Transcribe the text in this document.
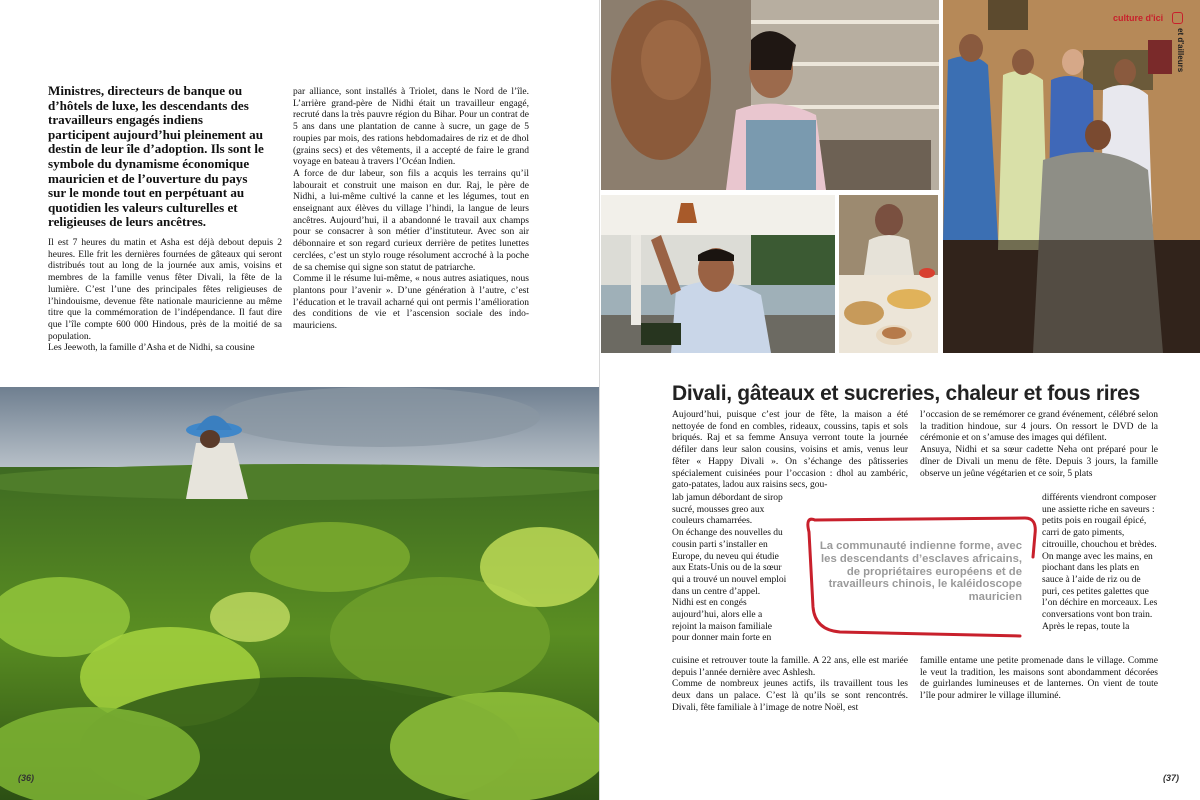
Ministres, directeurs de banque ou d’hôtels de luxe, les descendants des travailleurs engagés indiens participent aujourd’hui pleinement au destin de leur île d’adoption. Ils sont le symbole du dynamisme économique mauricien et de l’ouverture du pays sur le monde tout en perpétuant au quotidien les valeurs culturelles et religieuses de leurs ancêtres.

Il est 7 heures du matin et Asha est déjà debout depuis 2 heures. Elle frit les dernières fournées de gâteaux qui seront distribués tout au long de la journée aux amis, voisins et membres de la famille venus fêter Divali, la fête de la lumière. C’est l’une des principales fêtes religieuses de l’hindouisme, devenue fête nationale mauricienne au même titre que la commémoration de l’indépendance. Il faut dire que l’île compte 600 000 Hindous, près de la moitié de sa population.

Les Jeewoth, la famille d’Asha et de Nidhi, sa cousine

par alliance, sont installés à Triolet, dans le Nord de l’île. L’arrière grand-père de Nidhi était un travailleur engagé, recruté dans la très pauvre région du Bihar. Pour un contrat de 5 ans dans une plantation de canne à sucre, un gage de 5 roupies par mois, des rations hebdomadaires de riz et de dhol (grains secs) et des vêtements, il a accepté de faire le grand voyage en bateau à travers l’Océan Indien.

A force de dur labeur, son fils a acquis les terrains qu’il labourait et construit une maison en dur. Raj, le père de Nidhi, a lui-même cultivé la canne et les légumes, tout en enseignant aux élèves du village l’hindi, la langue de leurs ancêtres. Aujourd’hui, il a abandonné le travail aux champs pour se consacrer à son métier d’instituteur. Avec son air débonnaire et son regard curieux derrière de petites lunettes cerclées, c’est un stylo rouge résolument accroché à la poche de sa chemise qui signe son statut de patriarche.

Comme il le résume lui-même, « nous autres asiatiques, nous plantons pour l’avenir ». D’une génération à l’autre, c’est l’éducation et le travail acharné qui ont permis l’amélioration des conditions de vie et l’ascension sociale des indo-mauriciens.

(36)
culture d'ici
et d'ailleurs
Divali, gâteaux et sucreries, chaleur et fous rires

Aujourd’hui, puisque c’est jour de fête, la maison a été nettoyée de fond en combles, rideaux, coussins, tapis et sols briqués. Raj et sa femme Ansuya verront toute la journée défiler dans leur salon cousins, voisins et amis, venus leur fêter « Happy Divali ». On s’échange des pâtisseries spécialement cuisinées pour l’occasion : dhol au zambéric, gato-patates, ladou aux raisins secs, gou-

lab jamun débordant de sirop sucré, mousses greo aux couleurs chamarrées.

On échange des nouvelles du cousin parti s’installer en Europe, du neveu qui étudie aux Etats-Unis ou de la sœur qui a trouvé un nouvel emploi dans un centre d’appel.

Nidhi est en congés aujourd’hui, alors elle a rejoint la maison familiale pour donner main forte en

cuisine et retrouver toute la famille. A 22 ans, elle est mariée depuis l’année dernière avec Ashlesh.

Comme de nombreux jeunes actifs, ils travaillent tous les deux dans un palace. C’est là qu’ils se sont rencontrés. Divali, fête familiale à l’image de notre Noël, est

l’occasion de se remémorer ce grand événement, célébré selon la tradition hindoue, sur 4 jours. On ressort le DVD de la cérémonie et on s’amuse des images qui défilent.

Ansuya, Nidhi et sa sœur cadette Neha ont préparé pour le dîner de Divali un menu de fête. Depuis 3 jours, la famille observe un jeûne végétarien et ce soir, 5 plats

différents viendront composer une assiette riche en saveurs : petits pois en rougail épicé, carri de gato piments, citrouille, chouchou et brèdes. On mange avec les mains, en piochant dans les plats en sauce à l’aide de riz ou de puri, ces petites galettes que l’on déchire en morceaux. Les conversations vont bon train.

Après le repas, toute la

famille entame une petite promenade dans le village. Comme le veut la tradition, les maisons sont abondamment décorées de guirlandes lumineuses et de lanternes. On vient de toute l’île pour admirer le village illuminé.

La communauté indienne forme, avec les descendants d’esclaves africains, de propriétaires européens et de travailleurs chinois, le kaléidoscope mauricien
(37)
